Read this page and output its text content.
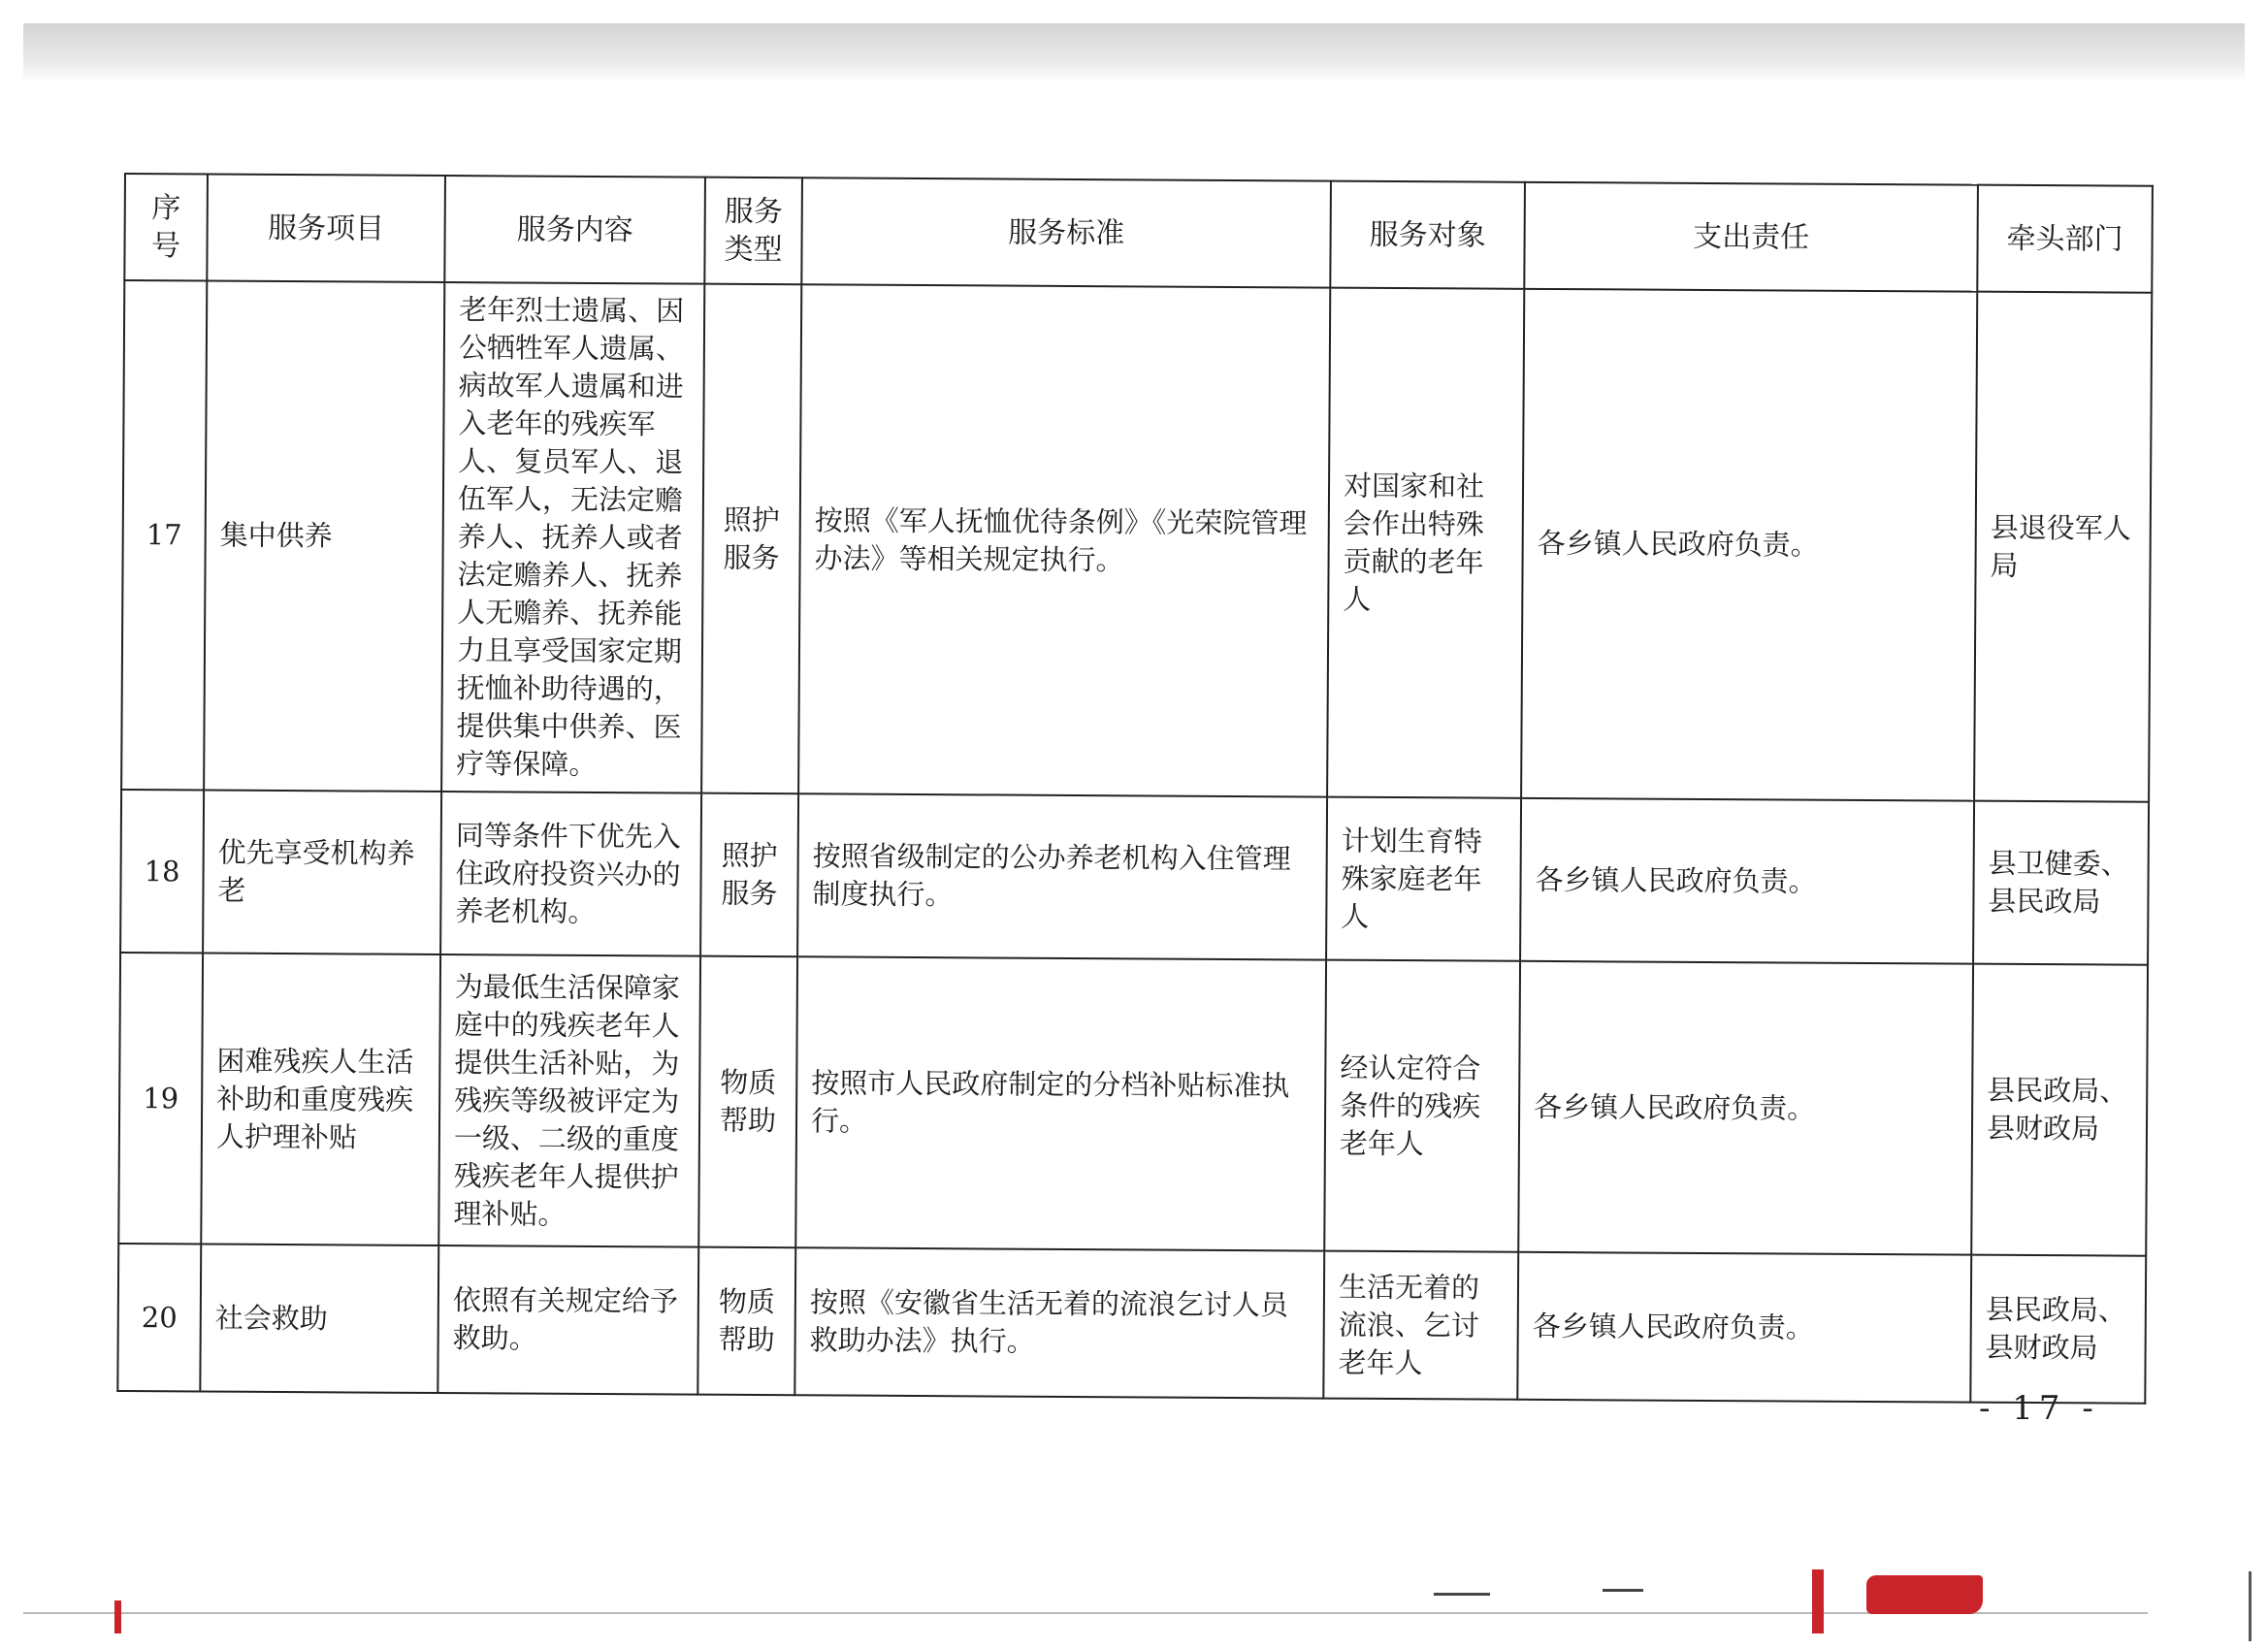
序号	服务项目	服务内容	服务类型	服务标准	服务对象	支出责任	牵头部门
17	集中供养	老年烈士遗属、因公牺牲军人遗属、病故军人遗属和进入老年的残疾军人、复员军人、退伍军人，无法定赡养人、抚养人或者法定赡养人、抚养人无赡养、抚养能力且享受国家定期抚恤补助待遇的，提供集中供养、医疗等保障。	照护服务	按照《军人抚恤优待条例》《光荣院管理办法》等相关规定执行。	对国家和社会作出特殊贡献的老年人	各乡镇人民政府负责。	县退役军人局
18	优先享受机构养老	同等条件下优先入住政府投资兴办的养老机构。	照护服务	按照省级制定的公办养老机构入住管理制度执行。	计划生育特殊家庭老年人	各乡镇人民政府负责。	县卫健委、县民政局
19	困难残疾人生活补助和重度残疾人护理补贴	为最低生活保障家庭中的残疾老年人提供生活补贴，为残疾等级被评定为一级、二级的重度残疾老年人提供护理补贴。	物质帮助	按照市人民政府制定的分档补贴标准执行。	经认定符合条件的残疾老年人	各乡镇人民政府负责。	县民政局、县财政局
20	社会救助	依照有关规定给予救助。	物质帮助	按照《安徽省生活无着的流浪乞讨人员救助办法》执行。	生活无着的流浪、乞讨老年人	各乡镇人民政府负责。	县民政局、县财政局
- 17 -
